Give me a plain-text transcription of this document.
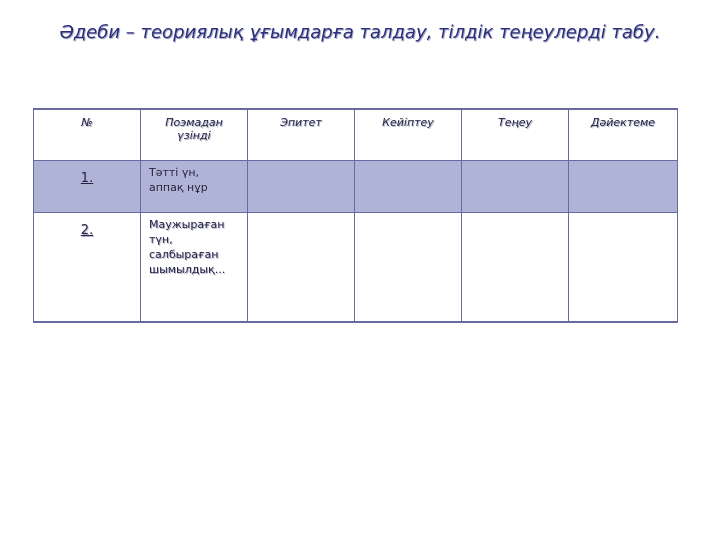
Әдеби – теориялық ұғымдарға талдау, тілдік теңеулерді табу.
№	Поэмадан үзінді	Эпитет	Кейіптеу	Теңеу	Дәйектеме
1.	Тәтті үн,
аппақ нұр				

2.	Маужыраған
түн,
салбыраған
шымылдық...				
